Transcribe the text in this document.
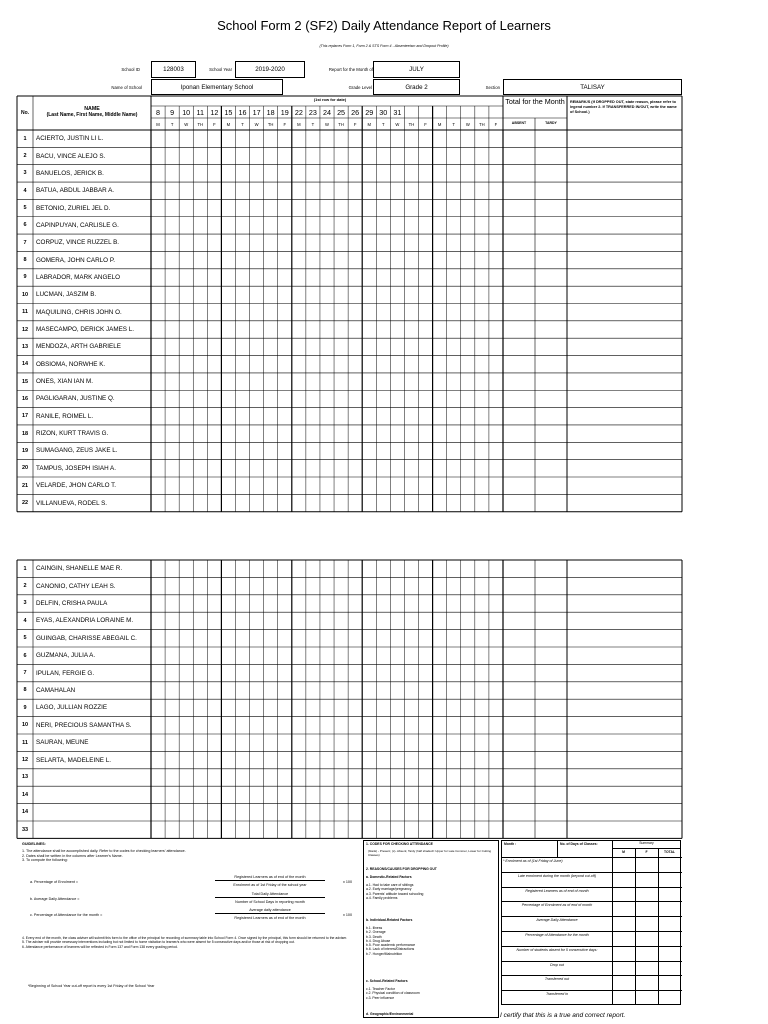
School Form 2 (SF2) Daily Attendance Report of Learners
(This replaces Form 1, Form 2 & STS Form 4 - Absenteeism and Dropout Profile)
School ID	128003	School Year	2019-2020	Report for the Month of	JULY
Name of School	Iponan Elementary School	Grade Level	Grade 2	Section	TALISAY
No.
NAME
(Last Name, First Name, Middle Name)
(1st row for date)	Total for the Month
ABSENT	TARDY
REMARK/S (If DROPPED OUT, state reason, please refer to legend number 2. If TRANSFERRED IN/OUT, write the name of School.)
8	9	10 11 12 15 16 17 18 19 22 23 24 25 26 29 30 31
M	T	W	TH	F	M	T	W	TH	F	M	T	W	TH	F	M	T	W	TH	F	M	T	W	TH	F
1	ACIERTO, JUSTIN LI L.
2	BACU, VINCE ALEJO S.
3	BANUELOS, JERICK B.
4	BATUA, ABDUL JABBAR A.
5	BETONIO, ZURIEL JEL D.
6	CAPINPUYAN, CARLISLE G.
7	CORPUZ, VINCE RUZZEL B.
8	GOMERA, JOHN CARLO P.
9	LABRADOR, MARK ANGELO
10	LUCMAN, JASZIM B.
11	MAQUILING, CHRIS JOHN O.
12	MASECAMPO, DERICK JAMES L.
13	MENDOZA, ARTH GABRIELE
14	OBSIOMA, NORWHE K.
15	ONES, XIAN IAN M.
16	PAGLIGARAN, JUSTINE Q.
17	RANILE, ROIMEL L.
18	RIZON, KURT TRAVIS G.
19	SUMAGANG, ZEUS JAKE L.
20	TAMPUS, JOSEPH ISIAH A.
21	VELARDE, JHON CARLO T.
22	VILLANUEVA, RODEL S.
1	CAINGIN, SHANELLE MAE R.
2	CANONIO, CATHY LEAH S.
3	DELFIN, CRISHA PAULA
4	EYAS, ALEXANDRIA LORAINE M.
5	GUINGAB, CHARISSE ABEGAIL C.
6	GUZMANA, JULIA A.
7	IPULAN, FERGIE G.
8	CAMAHALAN
9	LAGO, JULLIAN ROZZIE
10	NERI, PRECIOUS SAMANTHA S.
11	SAURAN, MEUNE
12	SELARTA, MADELEINE L.
13
14
14
33
GUIDELINES:
1. The attendance shall be accomplished daily. Refer to the codes for checking learners' attendance.
2. Dates shall be written in the columns after Learner's Name.
3. To compute the following:
a. Percentage of Enrolment =
Registered Learners as of end of the month
Enrolment as of 1st Friday of the school year
x 100
b. Average Daily Attendance =
Total Daily Attendance
Number of School Days in reporting month
c. Percentage of Attendance for the month =
Average daily attendance
Registered Learners as of end of the month
x 100
4. Every end of the month, the class adviser will submit this form to the office of the principal for recording of summary table into School Form 4. Once signed by the principal, this form should be returned to the adviser.
5. The adviser will provide necessary interventions including but not limited to home visitation to learner/s who were absent for 5 consecutive days and/or those at risk of dropping out.
6. Attendance performance of learners will be reflected in Form 137 and Form 138 every grading period.
*Beginning of School Year cut-off report is every 1st Friday of the School Year
1. CODES FOR CHECKING ATTENDANCE
(blank) - Present; (x)- Absent; Tardy (half shaded= Upper for Late Commer, Lower for Cutting Classes)
2. REASONS/CAUSES FOR DROPPING OUT
a. Domestic-Related Factors
a.1. Had to take care of siblings
a.2. Early marriage/pregnancy
a.3. Parents' attitude toward schooling
a.4. Family problems
b. Individual-Related Factors
b.1. Illness
b.2. Overage
b.3. Death
b.4. Drug Abuse
b.5. Poor academic performance
b.6. Lack of interest/Distractions
b.7. Hunger/Malnutrition
c. School-Related Factors
c.1. Teacher Factor
c.2. Physical condition of classroom
c.3. Peer influence
d. Geographic/Environmental
Month :	No. of Days of Classes:	Summary
M	F	TOTAL
* Enrolment as of (1st Friday of June)
Late enrolment during the month (beyond cut-off)
Registered Learners as of end of month
Percentage of Enrolment as of end of month
Average Daily Attendance
Percentage of Attendance for the month
Number of students absent for 5 consecutive days:
Drop out
Transferred out
Transferred in
I certify that this is a true and correct report.
